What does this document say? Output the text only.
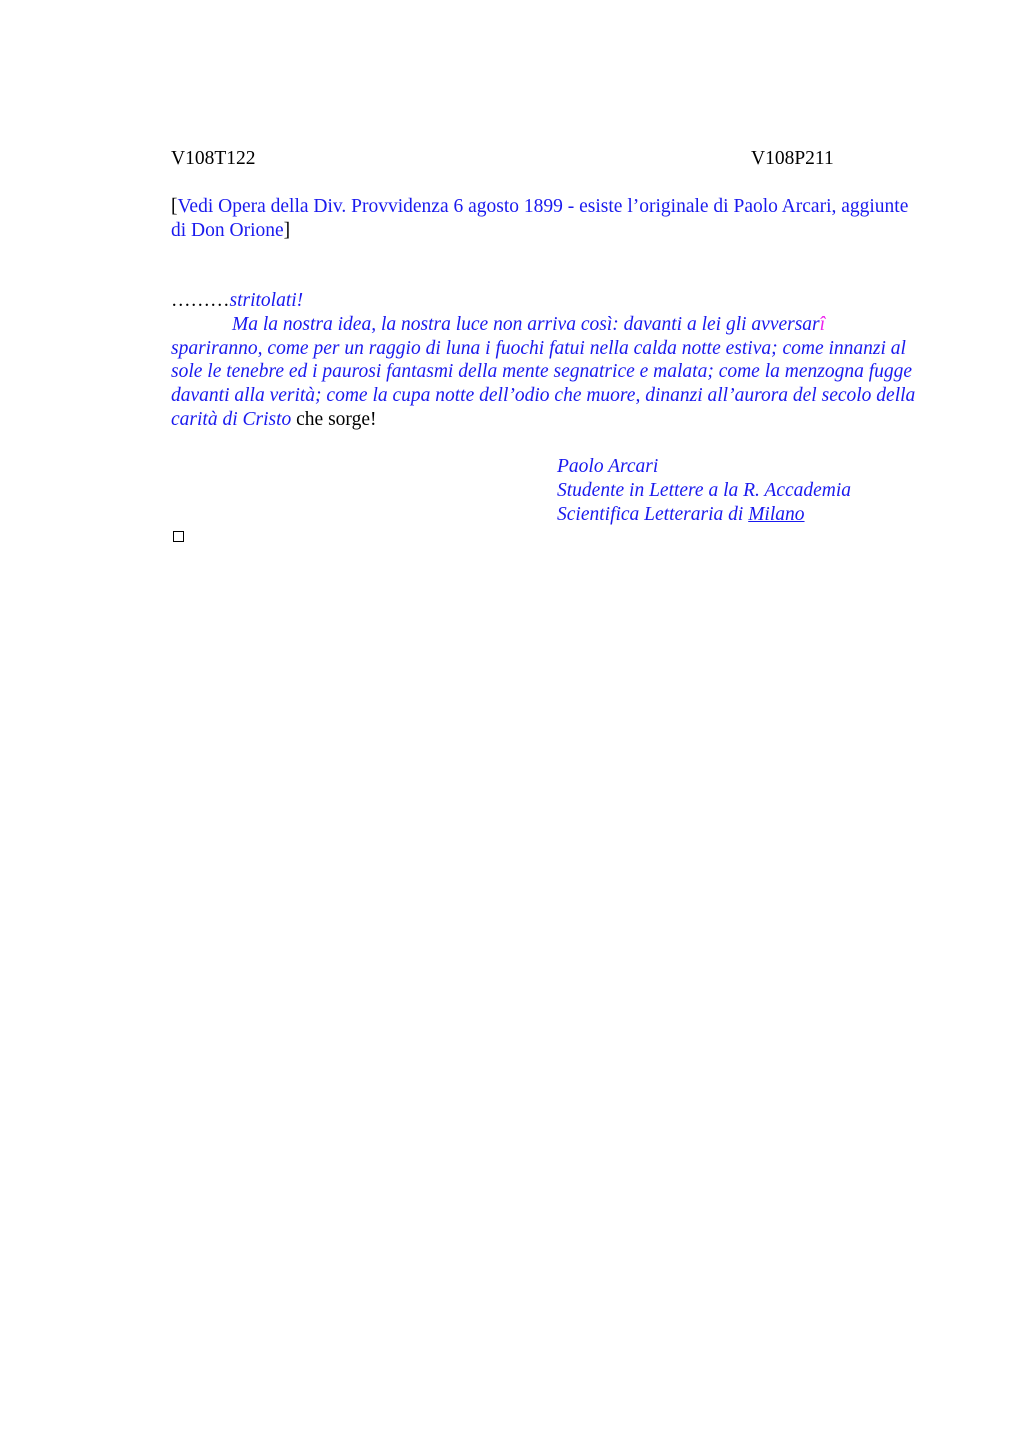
V108T122	V108P211
[Vedi Opera della Div. Provvidenza 6 agosto 1899 - esiste l’originale di Paolo Arcari, aggiunte di Don Orione]

………stritolati!

Ma la nostra idea, la nostra luce non arriva così: davanti a lei gli avversarî spariranno, come per un raggio di luna i fuochi fatui nella calda notte estiva; come innanzi al sole le tenebre ed i paurosi fantasmi della mente segnatrice e malata; come la menzogna fugge davanti alla verità; come la cupa notte dell’odio che muore, dinanzi all’aurora del secolo della carità di Cristo che sorge!

Paolo Arcari
Studente in Lettere a la R. Accademia
Scientifica Letteraria di Milano
